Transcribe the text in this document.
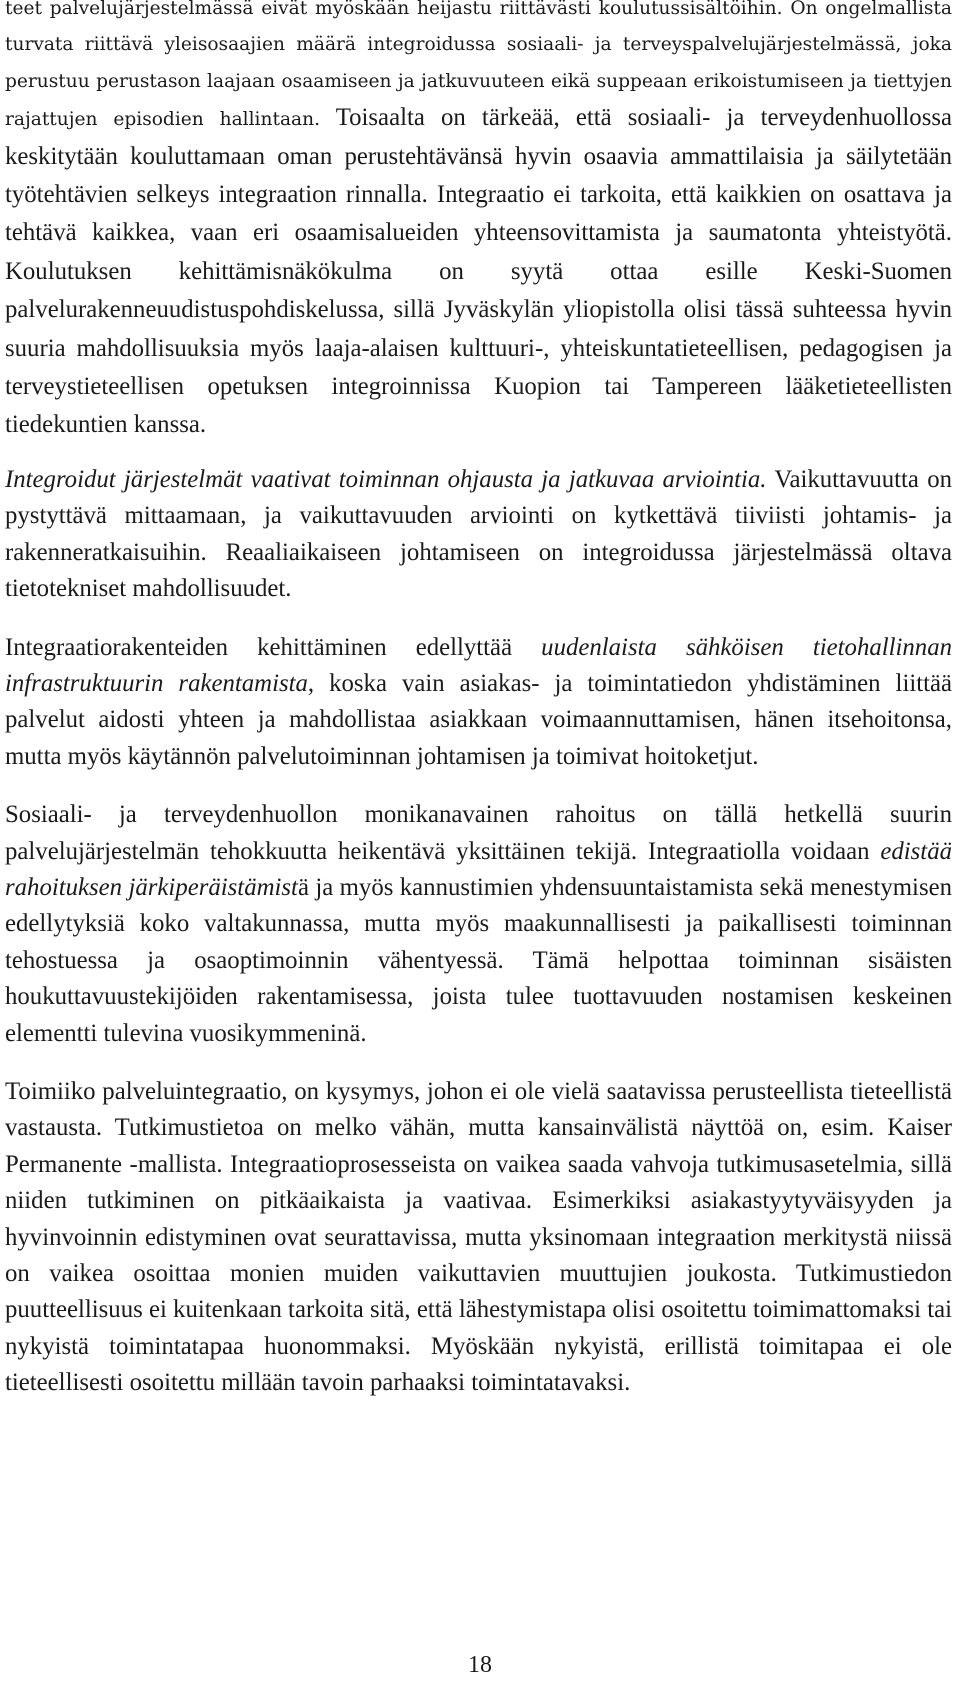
teet palvelujärjestelmässä eivät myöskään heijastu riittävästi koulutussisältöihin. On ongelmallista turvata riittävä yleisosaajien määrä integroidussa sosiaali- ja terveyspalvelujärjestelmässä, joka perustuu perustason laajaan osaamiseen ja jatkuvuuteen eikä suppeaan erikoistumiseen ja tiettyjen rajattujen episodien hallintaan. Toisaalta on tärkeää, että sosiaali- ja terveydenhuollossa keskitytään kouluttamaan oman perustehtävänsä hyvin osaavia ammattilaisia ja säilytetään työtehtävien selkeys integraation rinnalla. Integraatio ei tarkoita, että kaikkien on osattava ja tehtävä kaikkea, vaan eri osaamisalueiden yhteensovittamista ja saumatonta yhteistyötä. Koulutuksen kehittämisnäkökulma on syytä ottaa esille Keski-Suomen palvelurakenneuudistuspohdiskelussa, sillä Jyväskylän yliopistolla olisi tässä suhteessa hyvin suuria mahdollisuuksia myös laaja-alaisen kulttuuri-, yhteiskuntatieteellisen, pedagogisen ja terveystieteellisen opetuksen integroinnissa Kuopion tai Tampereen lääketieteellisten tiedekuntien kanssa.

Integroidut järjestelmät vaativat toiminnan ohjausta ja jatkuvaa arviointia. Vaikuttavuutta on pystyttävä mittaamaan, ja vaikuttavuuden arviointi on kytkettävä tiiviisti johtamis- ja rakenneratkaisuihin. Reaaliaikaiseen johtamiseen on integroidussa järjestelmässä oltava tietotekniset mahdollisuudet.

Integraatiorakenteiden kehittäminen edellyttää uudenlaista sähköisen tietohallinnan infrastruktuurin rakentamista, koska vain asiakas- ja toimintatiedon yhdistäminen liittää palvelut aidosti yhteen ja mahdollistaa asiakkaan voimaannuttamisen, hänen itsehoitonsa, mutta myös käytännön palvelutoiminnan johtamisen ja toimivat hoitoketjut.

Sosiaali- ja terveydenhuollon monikanavainen rahoitus on tällä hetkellä suurin palvelujärjestelmän tehokkuutta heikentävä yksittäinen tekijä. Integraatiolla voidaan edistää rahoituksen järkiperäistämistä ja myös kannustimien yhdensuuntaistamista sekä menestymisen edellytyksiä koko valtakunnassa, mutta myös maakunnallisesti ja paikallisesti toiminnan tehostuessa ja osaoptimoinnin vähentyessä. Tämä helpottaa toiminnan sisäisten houkuttavuustekijöiden rakentamisessa, joista tulee tuottavuuden nostamisen keskeinen elementti tulevina vuosikymmeninä.

Toimiiko palveluintegraatio, on kysymys, johon ei ole vielä saatavissa perusteellista tieteellistä vastausta. Tutkimustietoa on melko vähän, mutta kansainvälistä näyttöä on, esim. Kaiser Permanente -mallista. Integraatioprosesseista on vaikea saada vahvoja tutkimusasetelmia, sillä niiden tutkiminen on pitkäaikaista ja vaativaa. Esimerkiksi asiakastyytyväisyyden ja hyvinvoinnin edistyminen ovat seurattavissa, mutta yksinomaan integraation merkitystä niissä on vaikea osoittaa monien muiden vaikuttavien muuttujien joukosta. Tutkimustiedon puutteellisuus ei kuitenkaan tarkoita sitä, että lähestymistapa olisi osoitettu toimimattomaksi tai nykyistä toimintatapaa huonommaksi. Myöskään nykyistä, erillistä toimitapaa ei ole tieteellisesti osoitettu millään tavoin parhaaksi toimintatavaksi.

18
